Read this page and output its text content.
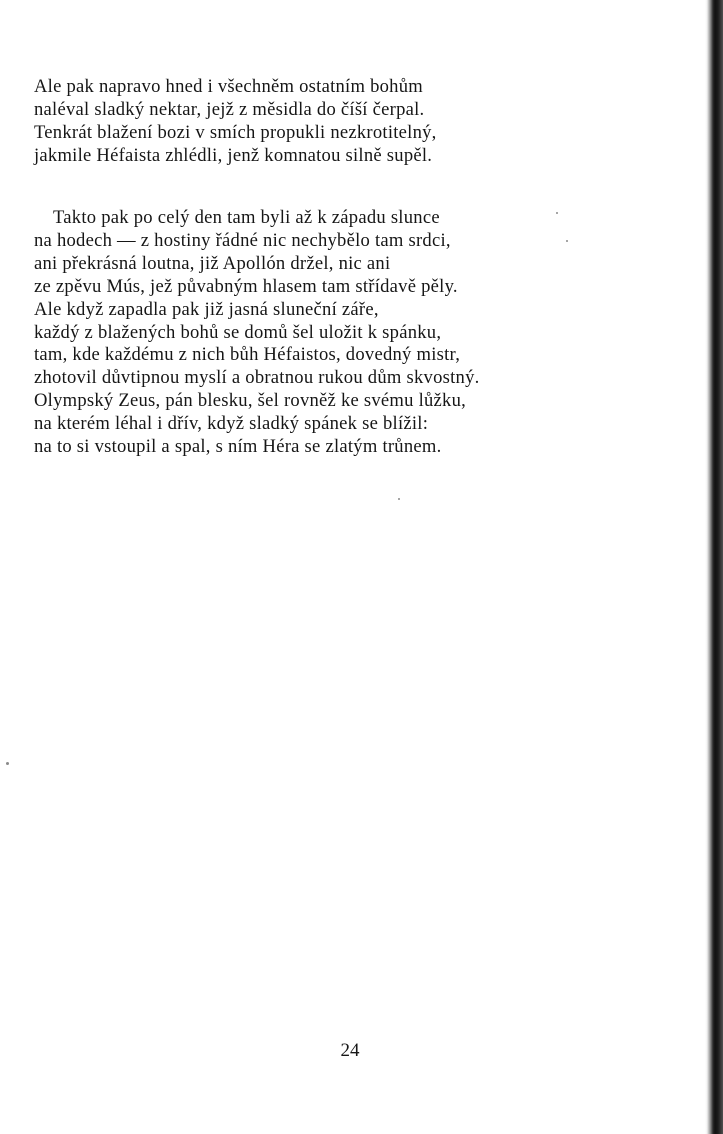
Ale pak napravo hned i všechněm ostatním bohům
naléval sladký nektar, jejž z měsidla do číší čerpal.
Tenkrát blažení bozi v smích propukli nezkrotitelný,
jakmile Héfaista zhlédli, jenž komnatou silně supěl.
Takto pak po celý den tam byli až k západu slunce
na hodech — z hostiny řádné nic nechybělo tam srdci,
ani překrásná loutna, již Apollón držel, nic ani
ze zpěvu Mús, jež půvabným hlasem tam střídavě pěly.
Ale když zapadla pak již jasná sluneční záře,
každý z blažených bohů se domů šel uložit k spánku,
tam, kde každému z nich bůh Héfaistos, dovedný mistr,
zhotovil důvtipnou myslí a obratnou rukou dům skvostný.
Olympský Zeus, pán blesku, šel rovněž ke svému lůžku,
na kterém léhal i dřív, když sladký spánek se blížil:
na to si vstoupil a spal, s ním Héra se zlatým trůnem.
24
